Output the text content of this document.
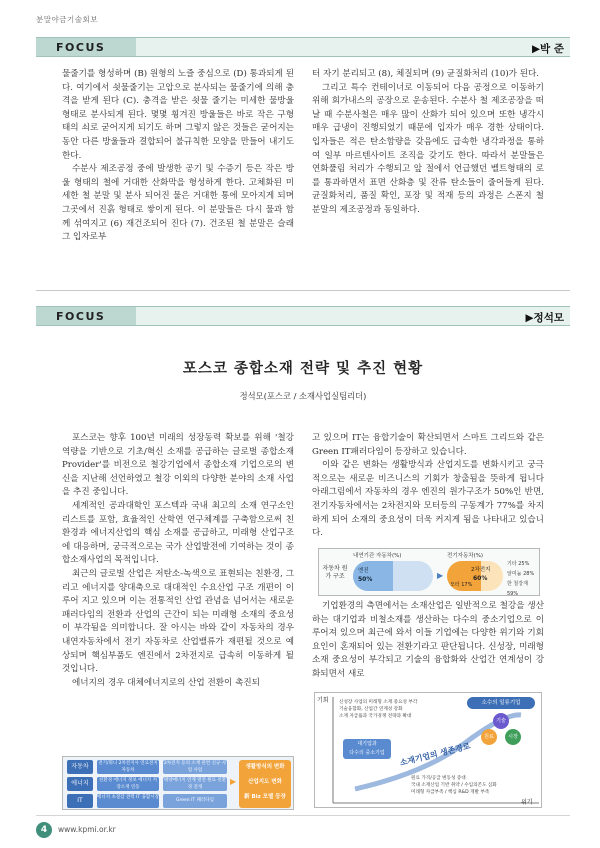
분말야금기술회보
FOCUS	▶박 준

물줄기를 형성하며 (B) 원형의 노즐 중심으로 (D) 통과되게 된다. 여기에서 쇳물줄기는 고압으로 분사되는 물줄기에 의해 충격을 받게 된다 (C). 충격을 받은 쇳물 줄기는 미세한 물방울 형태로 분사되게 된다. 몇몇 휭겨진 방울들은 바로 작은 구형태의 쇠로 굳어지게 되기도 하며 그렇지 않은 것들은 굳어지는 동안 다른 방울들과 결합되어 불규칙한 모양을 만들어 내기도 한다.

수분사 제조공정 중에 발생한 공기 및 수증기 등은 작은 방울 형태의 철에 거대한 산화막을 형성하게 한다. 고체화된 미세한 철 분말 및 분사 되어진 물은 거대한 통에 모아지게 되며 그곳에서 진흙 형태로 쌓이게 된다. 이 분말들은 다시 물과 함께 섞여지고 (6) 재건조되어 진다 (7). 건조된 철 분말은 슬래그 입자로부

터 자기 분리되고 (8), 체질되며 (9) 균질화처리 (10)가 된다.

그리고 특수 컨테이너로 이동되어 다음 공정으로 이동하기 위해 회가내스의 공장으로 운송된다. 수분사 철 제조공장을 떠날 때 수분사철은 매우 많이 산화가 되어 있으며 또한 냉각시 매우 급냉이 진행되었기 때문에 입자가 매우 경한 상태이다. 입자들은 적은 탄소함량을 갖음에도 급속한 냉각과정을 통하여 일부 마르텐사이트 조직을 갖기도 한다. 따라서 분말들은 연화풀림 처리가 수행되고 앞 절에서 언급했던 벨트형태의 로를 통과하면서 표면 산화층 및 잔류 탄소들이 줄어들게 된다. 균질화처리, 품질 확인, 포장 및 적재 등의 과정은 스폰지 철 분말의 제조공정과 동일하다.

FOCUS	▶정석모
포스코 종합소재 전략 및 추진 현황
정석모(포스코 / 소재사업실팀리더)

포스코는 향후 100년 미래의 성장동력 확보를 위해 '철강 역량을 기반으로 기초/혁신 소재를 공급하는 글로벌 종합소재 Provider'를 비전으로 철강기업에서 종합소재 기업으로의 변신을 지난해 선언하였고 철강 이외의 다양한 분야의 소재 사업을 추진 중입니다.

세계적인 공과대학인 포스텍과 국내 최고의 소재 연구소인 리스트를 포함, 효율적인 산학연 연구체계를 구축함으로써 친환경과 에너지산업의 핵심 소재를 공급하고, 미래형 산업구조에 대응하며, 궁극적으로는 국가 산업발전에 기여하는 것이 종합소재사업의 목적입니다.

최근의 글로벌 산업은 저탄소-녹색으로 표현되는 친환경, 그리고 에너지를 양대축으로 대대적인 수요산업 구조 개편이 이루어 지고 있으며 이는 전통적인 산업 관념을 넘어서는 새로운 패러다임의 전환과 산업의 근간이 되는 미래형 소재의 중요성이 부각됨을 의미합니다. 잘 아시는 바와 같이 자동차의 경우 내연자동차에서 전기 자동차로 산업밸류가 재편될 것으로 예상되며 핵심부품도 엔진에서 2차전지로 급속히 이동하게 될 것입니다.

에너지의 경우 대체에너지로의 산업 전환이 촉진되

고 있으며 IT는 융합기술이 확산되면서 스마트 그리드와 같은 Green IT패러다임이 등장하고 있습니다.

이와 같은 변화는 생활방식과 산업지도를 변화시키고 궁극적으로는 새로운 비즈니스의 기회가 창출됨을 뜻하게 됩니다 아래그림에서 자동차의 경우 엔진의 원가구조가 50%인 반면, 전기자동차에서는 2차전지와 모터등의 구동계가 77%를 차지하게 되어 소재의 중요성이 더욱 커지게 됨을 나타내고 있습니다.

내연기관 자동차(%)	전기자동차(%)
자동차 원가 구조
엔진
50%	▶
2차전지
60%
모터 17%
기타 25%
알미늄 28%
한 철강재 59%

기업환경의 측면에서는 소재산업은 일반적으로 철강을 생산하는 대기업과 비철소재를 생산하는 다수의 중소기업으로 이루어져 있으며 최근에 와서 이들 기업에는 다양한 위기와 기회요인이 혼재되어 있는 전환기라고 판단됩니다. 신성장, 미래형 소재 중요성이 부각되고 기술의 융합화와 산업간 연계성이 강화되면서 새로

자동차
에너지
IT
전기/휘니 2차전지사 연료전지 자동차
친환경 에너지 정보 에너지 저장소재 연동
에너지 초절감 전력 IT 융합시장
2차전지 등의 소재 관련 신규 사업 사업
태양에너지 연계 열전 원료 친환경 전개
Green IT 패러다임
▶
생활방식의 변화
산업지도 변화
新 Biz 모델 등장
기회
위기
신성장 사업의 미래형 소재 중요성 부각
기술융합화, 산업간 연계성 강화
소재 자급률과 국가경쟁 전략과 확대
소수의 일류기업
기술
원료	시장
대기업과
다수의 중소기업	소재기업의 생존경로
원료 가격/공급 변동성 증대
국내 소재산업 기반 취약 / 수입의존도 심화
미래형 자급부족 / 핵심 R&D 개발 부족
4	www.kpmi.or.kr
